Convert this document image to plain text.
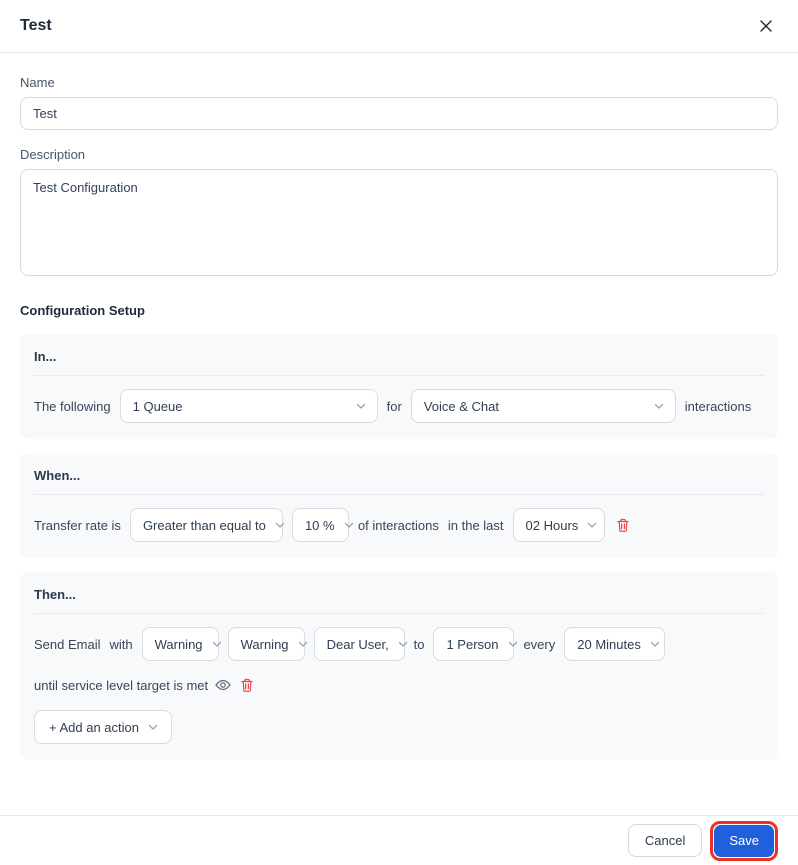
Test
Name
Test
Description
Test Configuration
Configuration Setup
In...
The following 1 Queue	for Voice & Chat	interactions
When...
Transfer rate is Greater than equal to	10 % of interactions in the last 02 Hours
Then...
Send Email with Warning	Warning	Dear User, to 1 Person every 20 Minutes
until service level target is met
+ Add an action
Cancel	Save
